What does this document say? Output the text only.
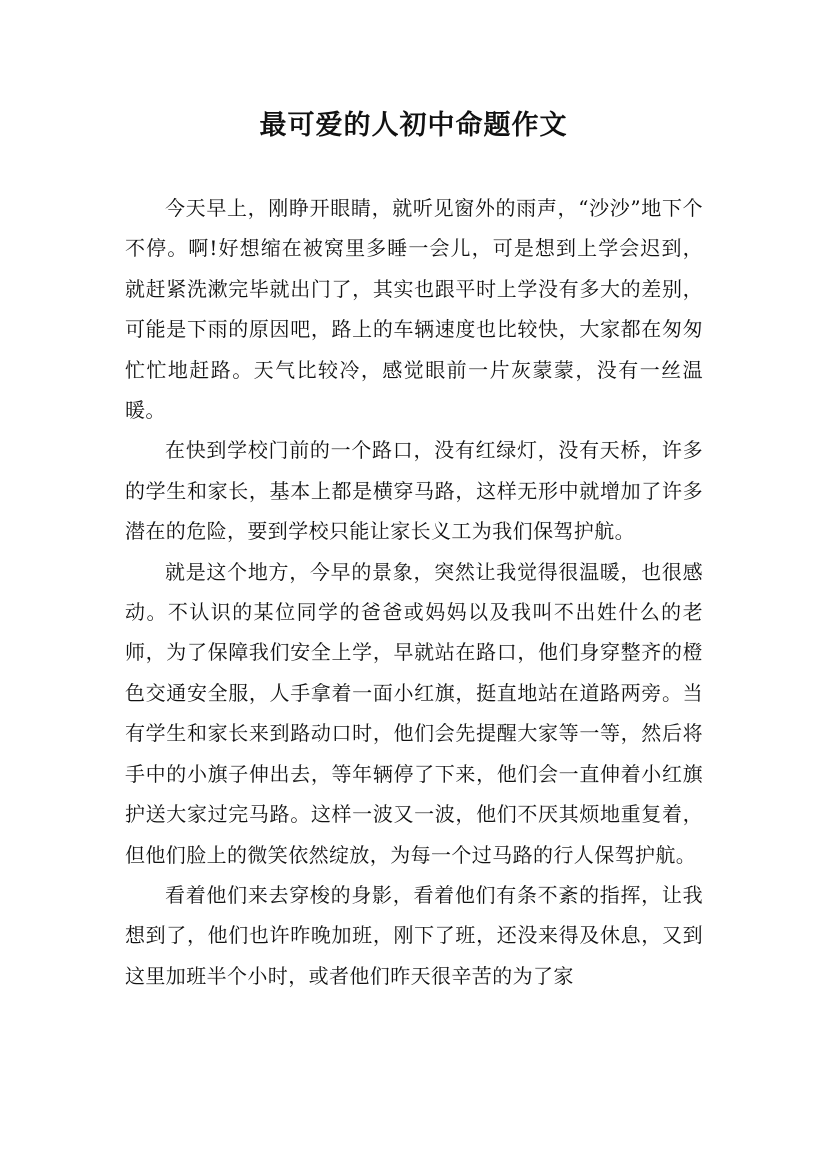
最可爱的人初中命题作文

今天早上，刚睁开眼睛，就听见窗外的雨声，“沙沙”地下个不停。啊!好想缩在被窝里多睡一会儿，可是想到上学会迟到，就赶紧洗漱完毕就出门了，其实也跟平时上学没有多大的差别，可能是下雨的原因吧，路上的车辆速度也比较快，大家都在匆匆忙忙地赶路。天气比较冷，感觉眼前一片灰蒙蒙，没有一丝温暖。

在快到学校门前的一个路口，没有红绿灯，没有天桥，许多的学生和家长，基本上都是横穿马路，这样无形中就增加了许多潜在的危险，要到学校只能让家长义工为我们保驾护航。

就是这个地方，今早的景象，突然让我觉得很温暖，也很感动。不认识的某位同学的爸爸或妈妈以及我叫不出姓什么的老师，为了保障我们安全上学，早就站在路口，他们身穿整齐的橙色交通安全服，人手拿着一面小红旗，挺直地站在道路两旁。当有学生和家长来到路动口时，他们会先提醒大家等一等，然后将手中的小旗子伸出去，等年辆停了下来，他们会一直伸着小红旗护送大家过完马路。这样一波又一波，他们不厌其烦地重复着，但他们脸上的微笑依然绽放，为每一个过马路的行人保驾护航。

看着他们来去穿梭的身影，看着他们有条不紊的指挥，让我想到了，他们也许昨晚加班，刚下了班，还没来得及休息，又到这里加班半个小时，或者他们昨天很辛苦的为了家
